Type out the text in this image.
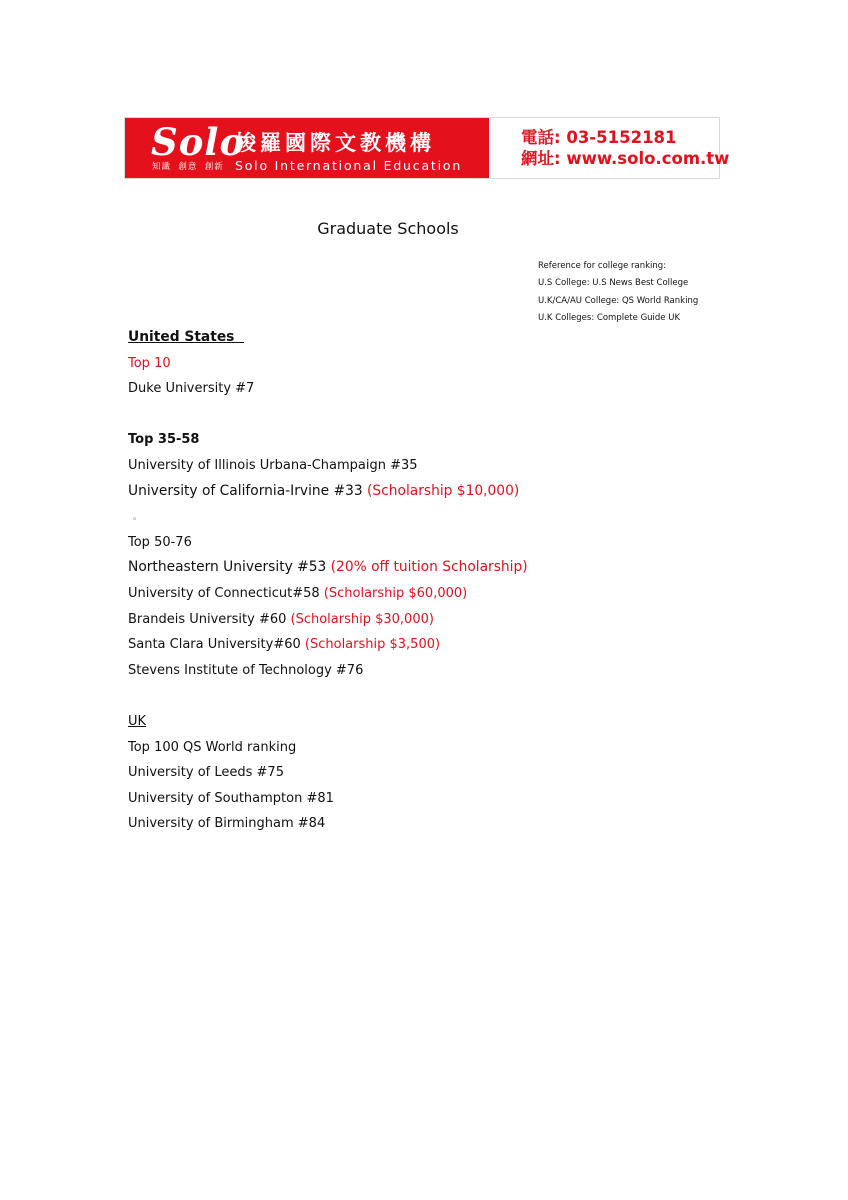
Solo
知識  創意  創新
梭羅國際文教機構
Solo International Education
電話: 03-5152181
網址: www.solo.com.tw
Graduate Schools
Reference for college ranking:
U.S College: U.S News Best College
U.K/CA/AU College: QS World Ranking
U.K Colleges: Complete Guide UK
United States
Top 10
Duke University #7
Top 35-58
University of Illinois Urbana-Champaign #35
University of California-Irvine #33 (Scholarship $10,000)
。
Top 50-76
Northeastern University #53 (20% off tuition Scholarship)
University of Connecticut#58 (Scholarship $60,000)
Brandeis University #60 (Scholarship $30,000)
Santa Clara University#60 (Scholarship $3,500)
Stevens Institute of Technology #76
UK
Top 100 QS World ranking
University of Leeds #75
University of Southampton #81
University of Birmingham #84
